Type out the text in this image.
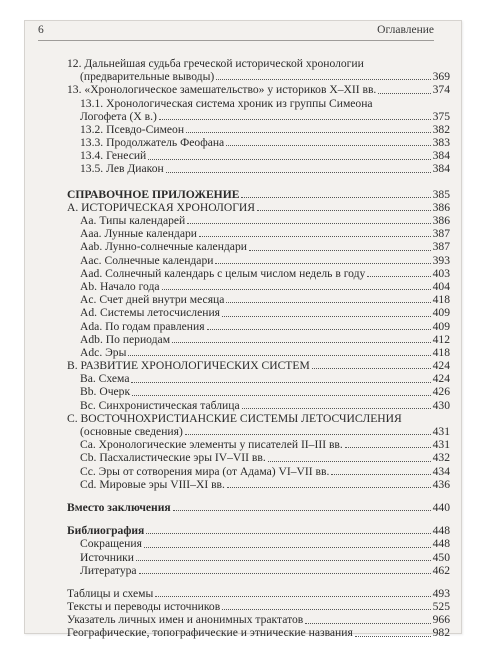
6	Оглавление
12. Дальнейшая судьба греческой исторической хронологии
(предварительные выводы)	369
13. «Хронологическое замешательство» у историков X–XII вв.	374
13.1. Хронологическая система хроник из группы Симеона
Логофета (X в.)	375
13.2. Псевдо-Симеон	382
13.3. Продолжатель Феофана	383
13.4. Генесий	384
13.5. Лев Диакон	384
СПРАВОЧНОЕ ПРИЛОЖЕНИЕ	385
A. ИСТОРИЧЕСКАЯ ХРОНОЛОГИЯ	386
Aa. Типы календарей	386
Aaa. Лунные календари	387
Aab. Лунно-солнечные календари	387
Aac. Солнечные календари	393
Aad. Солнечный календарь с целым числом недель в году	403
Ab. Начало года	404
Ac. Счет дней внутри месяца	418
Ad. Системы летосчисления	409
Ada. По годам правления	409
Adb. По периодам	412
Adc. Эры	418
B. РАЗВИТИЕ ХРОНОЛОГИЧЕСКИХ СИСТЕМ	424
Ba. Схема	424
Bb. Очерк	426
Bc. Синхронистическая таблица	430
C. ВОСТОЧНОХРИСТИАНСКИЕ СИСТЕМЫ ЛЕТОСЧИСЛЕНИЯ
(основные сведения)	431
Ca. Хронологические элементы у писателей II–III вв.	431
Cb. Пасхалистические эры IV–VII вв.	432
Cc. Эры от сотворения мира (от Адама) VI–VII вв.	434
Cd. Мировые эры VIII–XI вв.	436
Вместо заключения	440
Библиография	448
Сокращения	448
Источники	450
Литература	462
Таблицы и схемы	493
Тексты и переводы источников	525
Указатель личных имен и анонимных трактатов	966
Географические, топографические и этнические названия	982
